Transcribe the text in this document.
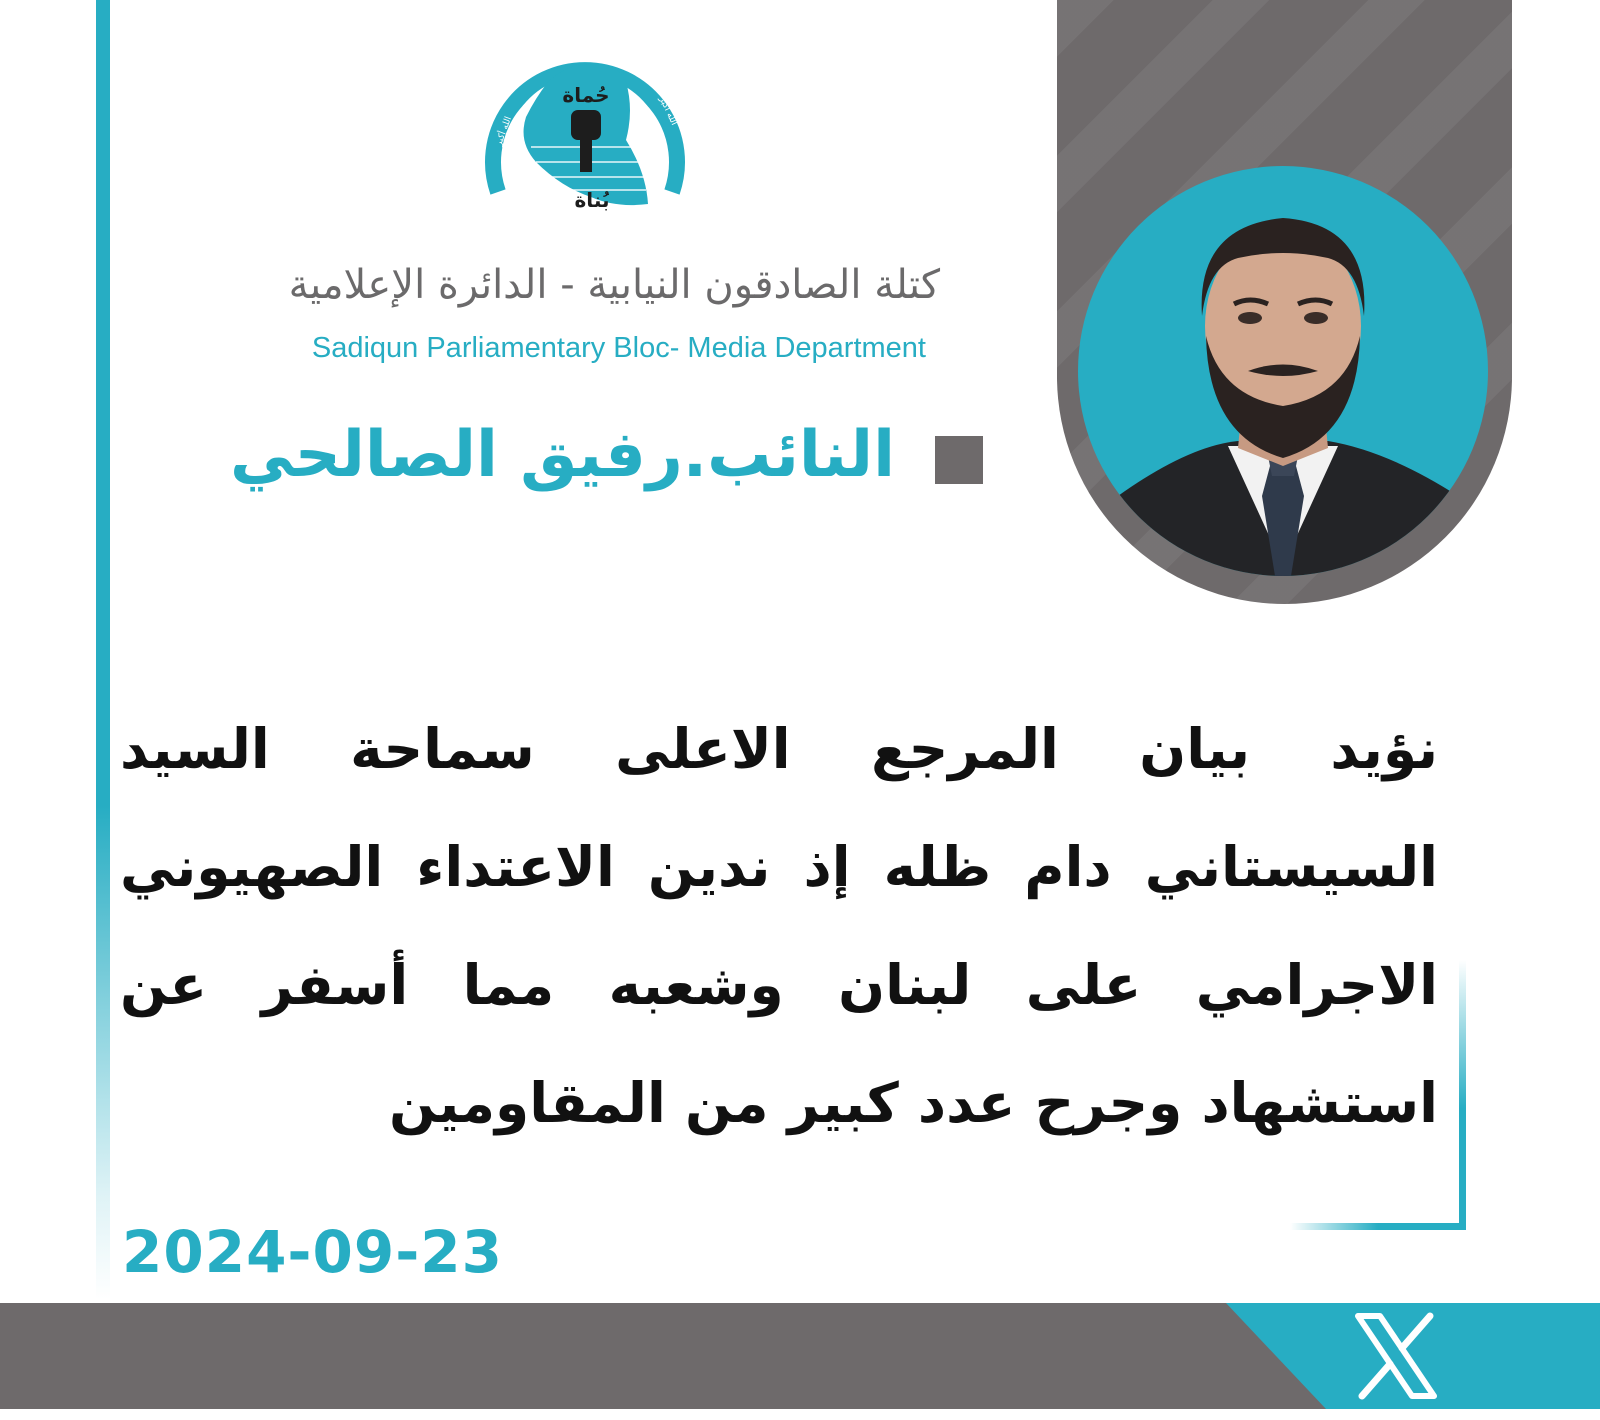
حُماة
بُناة
حركة الصادقون
الله أكبر
الله أكبر
كتلة الصادقون النيابية - الدائرة الإعلامية
Sadiqun Parliamentary Bloc- Media Department
النائب.رفيق الصالحي
نؤيد بيان المرجع الاعلى سماحة السيد السيستاني دام ظله إذ ندين الاعتداء الصهيوني الاجرامي على لبنان وشعبه مما أسفر عن استشهاد وجرح عدد كبير من المقاومين
2024-09-23
